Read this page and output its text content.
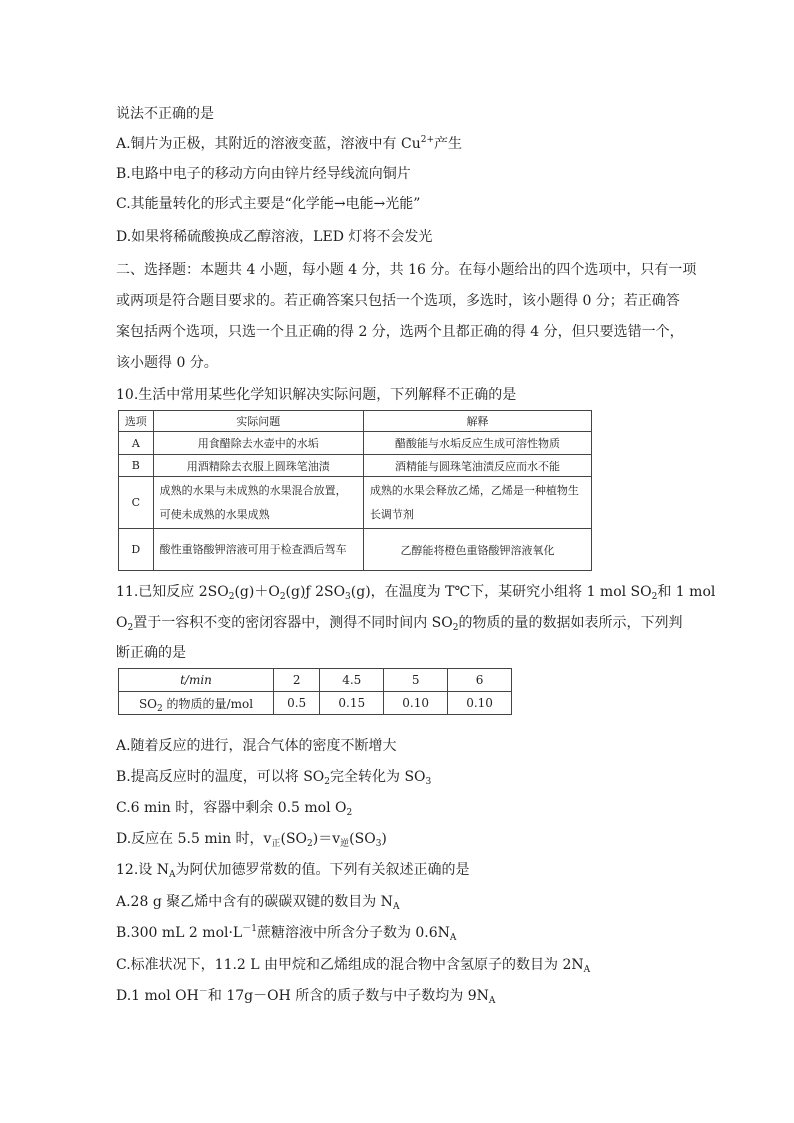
说法不正确的是
A.铜片为正极，其附近的溶液变蓝，溶液中有 $Cu^{2+}$产生
B.电路中电子的移动方向由锌片经导线流向铜片
C.其能量转化的形式主要是“化学能→电能→光能”
D.如果将稀硫酸换成乙醇溶液，LED 灯将不会发光
二、选择题：本题共 4 小题，每小题 4 分，共 16 分。在每小题给出的四个选项中，只有一项
或两项是符合题目要求的。若正确答案只包括一个选项，多选时，该小题得 0 分；若正确答
案包括两个选项，只选一个且正确的得 2 分，选两个且都正确的得 4 分，但只要选错一个，
该小题得 0 分。
10.生活中常用某些化学知识解决实际问题，下列解释不正确的是
选项	实际问题	解释
A	用食醋除去水壶中的水垢	醋酸能与水垢反应生成可溶性物质
B	用酒精除去衣服上圆珠笔油渍	酒精能与圆珠笔油渍反应而水不能
C	成熟的水果与未成熟的水果混合放置，可使未成熟的水果成熟	成熟的水果会释放乙烯，乙烯是一种植物生长调节剂
D	酸性重铬酸钾溶液可用于检查酒后驾车	乙醇能将橙色重铬酸钾溶液氧化
11.已知反应 $2SO_2(g)+O_2(g)ƒ$ $2SO_3(g)$，在温度为 T℃下，某研究小组将 1 mol $SO_2$和 1 mol
$O_2$置于一容积不变的密闭容器中，测得不同时间内 $SO_2$的物质的量的数据如表所示，下列判
断正确的是
t/min	2	4.5	5	6
$SO_2$ 的物质的量/mol	0.5	0.15	0.10	0.10
A.随着反应的进行，混合气体的密度不断增大
B.提高反应时的温度，可以将 $SO_2$完全转化为 $SO_3$
C.6 min 时，容器中剩余 0.5 mol $O_2$
D.反应在 5.5 min 时，$v_正(SO_2)=v_逆(SO_3)$
12.设 $N_A$为阿伏加德罗常数的值。下列有关叙述正确的是
A.28 g 聚乙烯中含有的碳碳双键的数目为 $N_A$
B.300 mL 2 $mol\cdot L^{-1}$蔗糖溶液中所含分子数为 $0.6N_A$
C.标准状况下，11.2 L 由甲烷和乙烯组成的混合物中含氢原子的数目为 $2N_A$
D.1 mol OH－和 17g－OH 所含的质子数与中子数均为 $9N_A$
